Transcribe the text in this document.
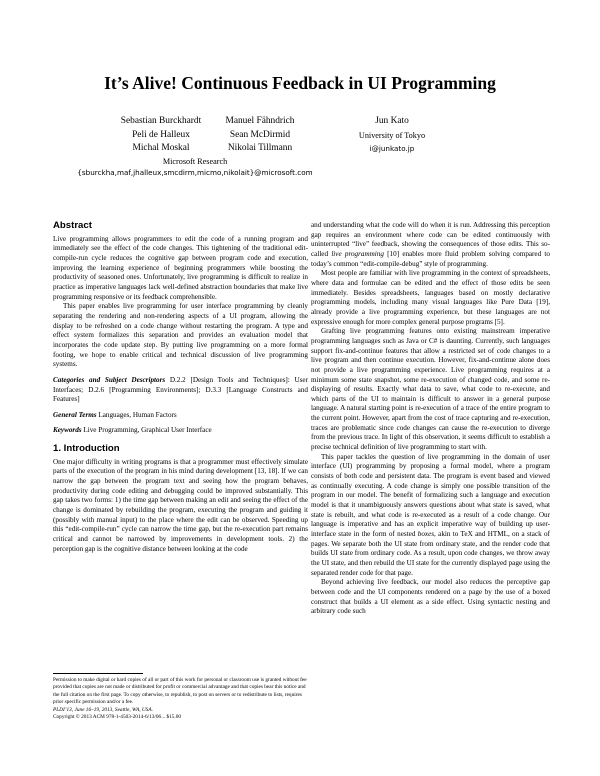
It’s Alive! Continuous Feedback in UI Programming
Sebastian Burckhardt
Peli de Halleux
Michal Moskal
Manuel Fähndrich
Sean McDirmid
Nikolai Tillmann
Microsoft Research
{sburckha,maf,jhalleux,smcdirm,micmo,nikolait}@microsoft.com
Jun Kato
University of Tokyo
i@junkato.jp
Abstract

Live programming allows programmers to edit the code of a running program and immediately see the effect of the code changes. This tightening of the traditional edit-compile-run cycle reduces the cognitive gap between program code and execution, improving the learning experience of beginning programmers while boosting the productivity of seasoned ones. Unfortunately, live programming is difficult to realize in practice as imperative languages lack well-defined abstraction boundaries that make live programming responsive or its feedback comprehensible.

This paper enables live programming for user interface programming by cleanly separating the rendering and non-rendering aspects of a UI program, allowing the display to be refreshed on a code change without restarting the program. A type and effect system formalizes this separation and provides an evaluation model that incorporates the code update step. By putting live programming on a more formal footing, we hope to enable critical and technical discussion of live programming systems.

Categories and Subject Descriptors D.2.2 [Design Tools and Techniques]: User Interfaces; D.2.6 [Programming Environments]; D.3.3 [Language Constructs and Features]

General Terms Languages, Human Factors

Keywords Live Programming, Graphical User Interface

1. Introduction

One major difficulty in writing programs is that a programmer must effectively simulate parts of the execution of the program in his mind during development [13, 18]. If we can narrow the gap between the program text and seeing how the program behaves, productivity during code editing and debugging could be improved substantially. This gap takes two forms: 1) the time gap between making an edit and seeing the effect of the change is dominated by rebuilding the program, executing the program and guiding it (possibly with manual input) to the place where the edit can be observed. Speeding up this “edit-compile-run” cycle can narrow the time gap, but the re-execution part remains critical and cannot be narrowed by improvements in development tools. 2) the perception gap is the cognitive distance between looking at the code

Permission to make digital or hard copies of all or part of this work for personal or classroom use is granted without fee provided that copies are not made or distributed for profit or commercial advantage and that copies bear this notice and the full citation on the first page. To copy otherwise, to republish, to post on servers or to redistribute to lists, requires prior specific permission and/or a fee.

PLDI’13, June 16–19, 2013, Seattle, WA, USA.

Copyright © 2013 ACM 978-1-4503-2014-6/13/06... $15.00

and understanding what the code will do when it is run. Addressing this perception gap requires an environment where code can be edited continuously with uninterrupted “live” feedback, showing the consequences of those edits. This so-called live programming [10] enables more fluid problem solving compared to today’s common “edit-compile-debug” style of programming.

Most people are familiar with live programming in the context of spreadsheets, where data and formulae can be edited and the effect of those edits be seen immediately. Besides spreadsheets, languages based on mostly declarative programming models, including many visual languages like Pure Data [19], already provide a live programming experience, but these languages are not expressive enough for more complex general purpose programs [5].

Grafting live programming features onto existing mainstream imperative programming languages such as Java or C# is daunting. Currently, such languages support fix-and-continue features that allow a restricted set of code changes to a live program and then continue execution. However, fix-and-continue alone does not provide a live programming experience. Live programming requires at a minimum some state snapshot, some re-execution of changed code, and some re-displaying of results. Exactly what data to save, what code to re-execute, and which parts of the UI to maintain is difficult to answer in a general purpose language. A natural starting point is re-execution of a trace of the entire program to the current point. However, apart from the cost of trace capturing and re-execution, traces are problematic since code changes can cause the re-execution to diverge from the previous trace. In light of this observation, it seems difficult to establish a precise technical definition of live programming to start with.

This paper tackles the question of live programming in the domain of user interface (UI) programming by proposing a formal model, where a program consists of both code and persistent data. The program is event based and viewed as continually executing. A code change is simply one possible transition of the program in our model. The benefit of formalizing such a language and execution model is that it unambiguously answers questions about what state is saved, what state is rebuilt, and what code is re-executed as a result of a code change. Our language is imperative and has an explicit imperative way of building up user-interface state in the form of nested boxes, akin to TeX and HTML, on a stack of pages. We separate both the UI state from ordinary state, and the render code that builds UI state from ordinary code. As a result, upon code changes, we throw away the UI state, and then rebuild the UI state for the currently displayed page using the separated render code for that page.

Beyond achieving live feedback, our model also reduces the perceptive gap between code and the UI components rendered on a page by the use of a boxed construct that builds a UI element as a side effect. Using syntactic nesting and arbitrary code such
